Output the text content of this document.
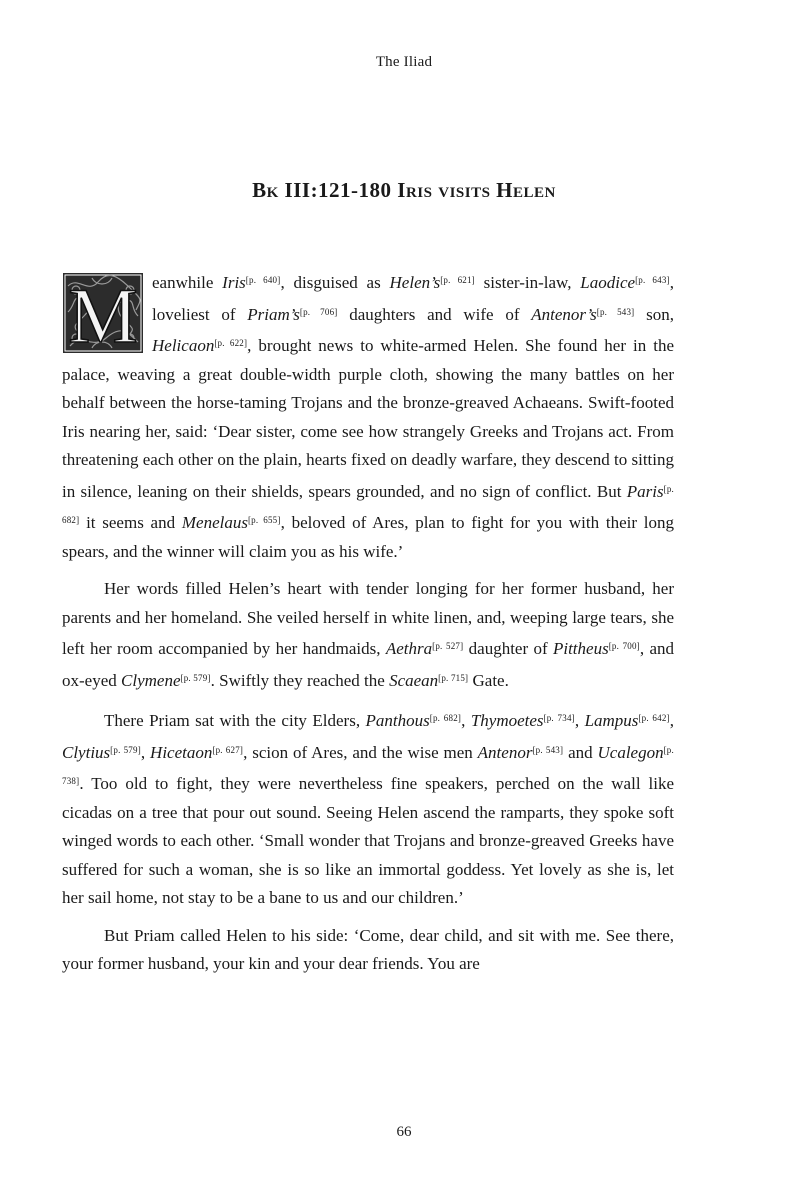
The Iliad
Bk III:121-180 Iris visits Helen

M eanwhile Iris[p. 640], disguised as Helen’s[p. 621] sister-in-law, Laodice[p. 643], loveliest of Priam’s[p. 706] daughters and wife of Antenor’s[p. 543] son, Helicaon[p. 622], brought news to white-armed Helen. She found her in the palace, weaving a great double-width purple cloth, showing the many battles on her behalf between the horse-taming Trojans and the bronze-greaved Achaeans. Swift-footed Iris nearing her, said: ‘Dear sister, come see how strangely Greeks and Trojans act. From threatening each other on the plain, hearts fixed on deadly warfare, they descend to sitting in silence, leaning on their shields, spears grounded, and no sign of conflict. But Paris[p. 682] it seems and Menelaus[p. 655], beloved of Ares, plan to fight for you with their long spears, and the winner will claim you as his wife.’

Her words filled Helen’s heart with tender longing for her former husband, her parents and her homeland. She veiled herself in white linen, and, weeping large tears, she left her room accompanied by her handmaids, Aethra[p. 527] daughter of Pittheus[p. 700], and ox-eyed Clymene[p. 579]. Swiftly they reached the Scaean[p. 715] Gate.

There Priam sat with the city Elders, Panthous[p. 682], Thymoetes[p. 734], Lampus[p. 642], Clytius[p. 579], Hicetaon[p. 627], scion of Ares, and the wise men Antenor[p. 543] and Ucalegon[p. 738]. Too old to fight, they were nevertheless fine speakers, perched on the wall like cicadas on a tree that pour out sound. Seeing Helen ascend the ramparts, they spoke soft winged words to each other. ‘Small wonder that Trojans and bronze-greaved Greeks have suffered for such a woman, she is so like an immortal goddess. Yet lovely as she is, let her sail home, not stay to be a bane to us and our children.’

But Priam called Helen to his side: ‘Come, dear child, and sit with me. See there, your former husband, your kin and your dear friends. You are

66
